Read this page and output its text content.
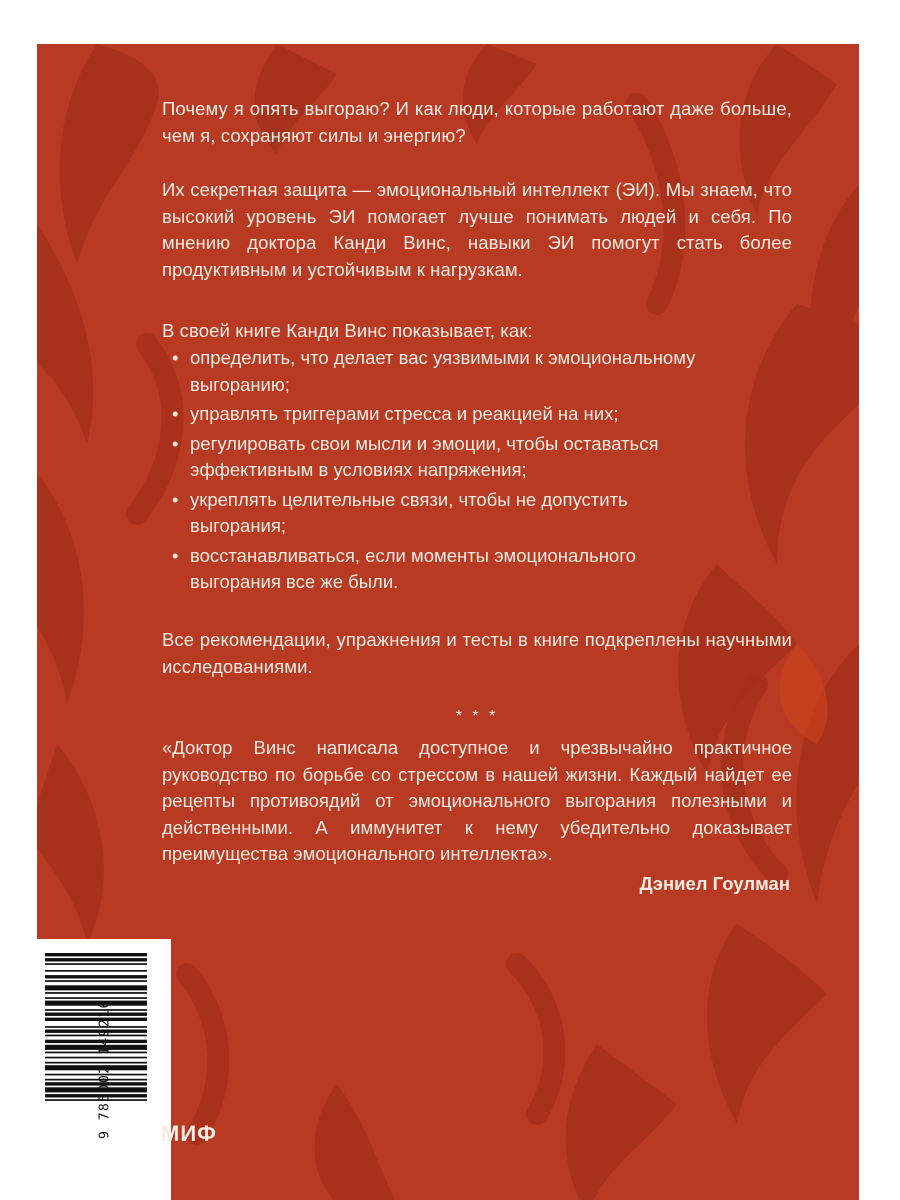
Почему я опять выгораю? И как люди, которые работают даже больше, чем я, сохраняют силы и энергию?

Их секретная защита — эмоциональный интеллект (ЭИ). Мы знаем, что высокий уровень ЭИ помогает лучше понимать людей и себя. По мнению доктора Канди Винс, навыки ЭИ помогут стать более продуктивным и устойчивым к нагрузкам.

В своей книге Канди Винс показывает, как:

• определить, что делает вас уязвимыми к эмоциональному
выгоранию;
• управлять триггерами стресса и реакцией на них;
• регулировать свои мысли и эмоции, чтобы оставаться
эффективным в условиях напряжения;
• укреплять целительные связи, чтобы не допустить
выгорания;
• восстанавливаться, если моменты эмоционального
выгорания все же были.

Все рекомендации, упражнения и тесты в книге подкреплены научными исследованиями.

* * *

«Доктор Винс написала доступное и чрезвычайно практичное руководство по борьбе со стрессом в нашей жизни. Каждый найдет ее рецепты противоядий от эмоционального выгорания полезными и действенными. А иммунитет к нему убедительно доказывает преимущества эмоционального интеллекта».

Дэниел Гоулман
9 785002 149216 МИФ
